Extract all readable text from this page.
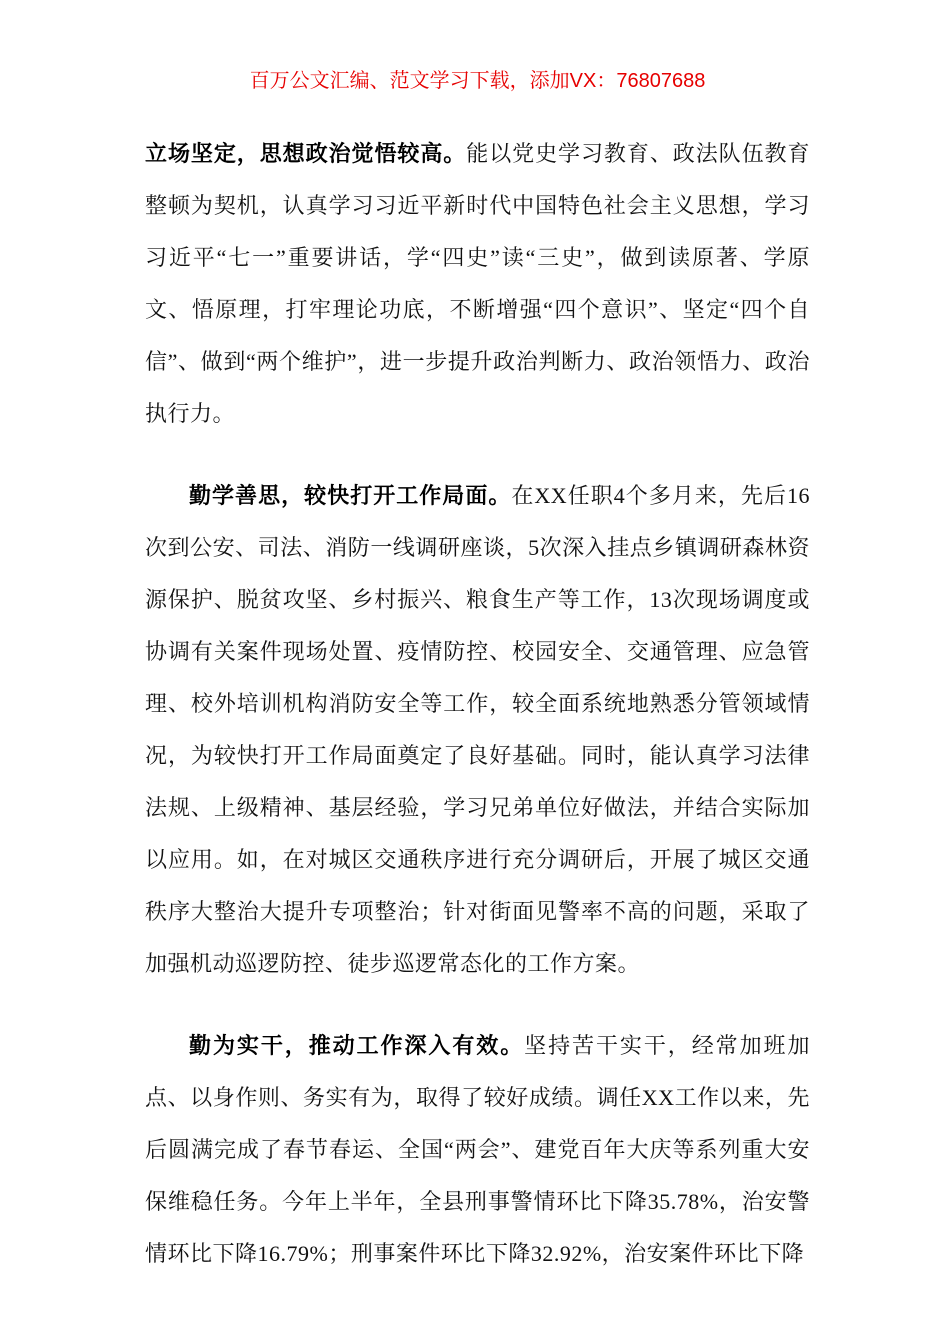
百万公文汇编、范文学习下载，添加VX：76807688

立场坚定，思想政治觉悟较高。能以党史学习教育、政法队伍教育整顿为契机，认真学习习近平新时代中国特色社会主义思想，学习习近平“七一”重要讲话，学“四史”读“三史”，做到读原著、学原文、悟原理，打牢理论功底，不断增强“四个意识”、坚定“四个自信”、做到“两个维护”，进一步提升政治判断力、政治领悟力、政治执行力。

勤学善思，较快打开工作局面。在XX任职4个多月来，先后16次到公安、司法、消防一线调研座谈，5次深入挂点乡镇调研森林资源保护、脱贫攻坚、乡村振兴、粮食生产等工作，13次现场调度或协调有关案件现场处置、疫情防控、校园安全、交通管理、应急管理、校外培训机构消防安全等工作，较全面系统地熟悉分管领域情况，为较快打开工作局面奠定了良好基础。同时，能认真学习法律法规、上级精神、基层经验，学习兄弟单位好做法，并结合实际加以应用。如，在对城区交通秩序进行充分调研后，开展了城区交通秩序大整治大提升专项整治；针对街面见警率不高的问题，采取了加强机动巡逻防控、徒步巡逻常态化的工作方案。

勤为实干，推动工作深入有效。坚持苦干实干，经常加班加点、以身作则、务实有为，取得了较好成绩。调任XX工作以来，先后圆满完成了春节春运、全国“两会”、建党百年大庆等系列重大安保维稳任务。今年上半年，全县刑事警情环比下降35.78%，治安警情环比下降16.79%；刑事案件环比下降32.92%，治安案件环比下降
